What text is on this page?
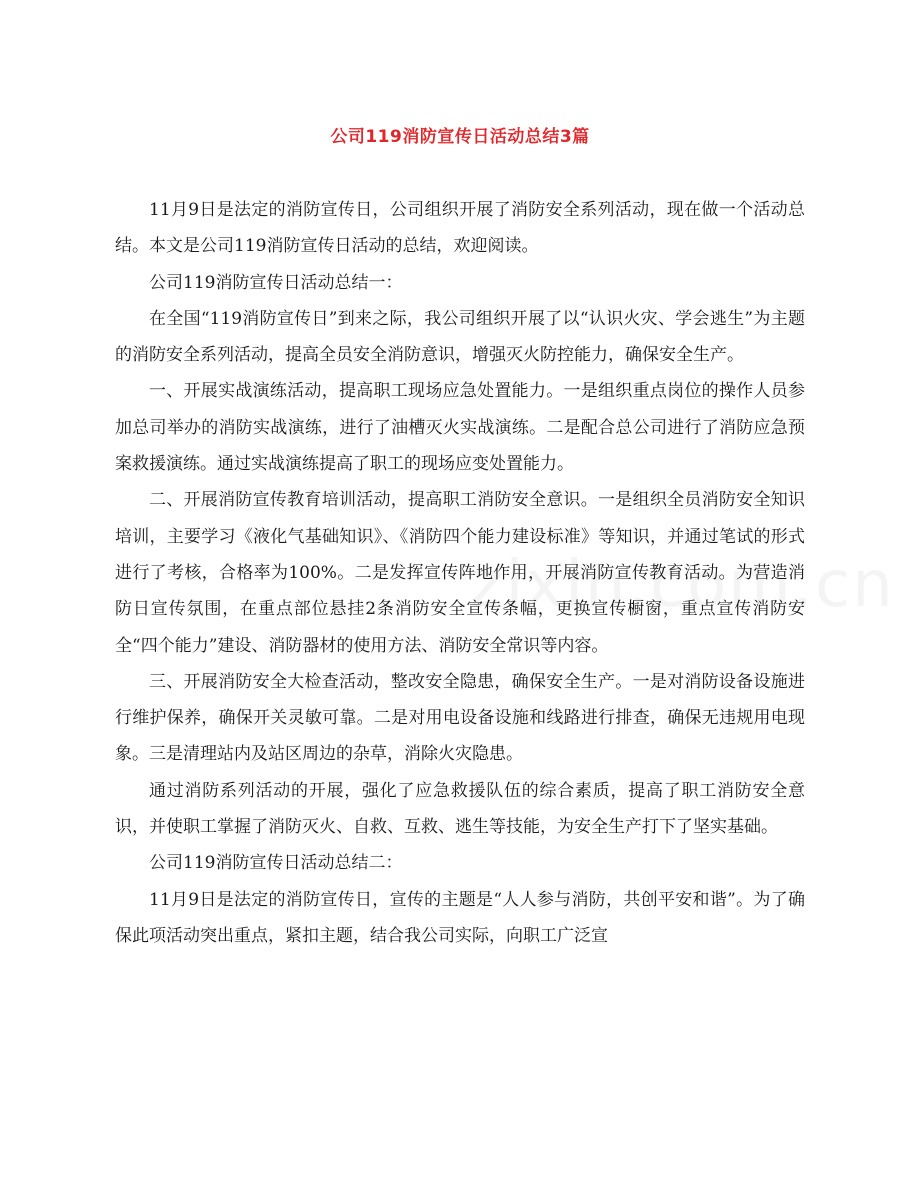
公司119消防宣传日活动总结3篇

11月9日是法定的消防宣传日，公司组织开展了消防安全系列活动，现在做一个活动总结。本文是公司119消防宣传日活动的总结，欢迎阅读。

公司119消防宣传日活动总结一：

在全国“119消防宣传日”到来之际，我公司组织开展了以“认识火灾、学会逃生”为主题的消防安全系列活动，提高全员安全消防意识，增强灭火防控能力，确保安全生产。

一、开展实战演练活动，提高职工现场应急处置能力。一是组织重点岗位的操作人员参加总司举办的消防实战演练，进行了油槽灭火实战演练。二是配合总公司进行了消防应急预案救援演练。通过实战演练提高了职工的现场应变处置能力。

二、开展消防宣传教育培训活动，提高职工消防安全意识。一是组织全员消防安全知识培训，主要学习《液化气基础知识》、《消防四个能力建设标准》等知识，并通过笔试的形式进行了考核，合格率为100%。二是发挥宣传阵地作用，开展消防宣传教育活动。为营造消防日宣传氛围，在重点部位悬挂2条消防安全宣传条幅，更换宣传橱窗，重点宣传消防安全“四个能力”建设、消防器材的使用方法、消防安全常识等内容。

三、开展消防安全大检查活动，整改安全隐患，确保安全生产。一是对消防设备设施进行维护保养，确保开关灵敏可靠。二是对用电设备设施和线路进行排查，确保无违规用电现象。三是清理站内及站区周边的杂草，消除火灾隐患。

通过消防系列活动的开展，强化了应急救援队伍的综合素质，提高了职工消防安全意识，并使职工掌握了消防灭火、自救、互救、逃生等技能，为安全生产打下了坚实基础。

公司119消防宣传日活动总结二：

11月9日是法定的消防宣传日，宣传的主题是“人人参与消防，共创平安和谐”。为了确保此项活动突出重点，紧扣主题，结合我公司实际，向职工广泛宣
